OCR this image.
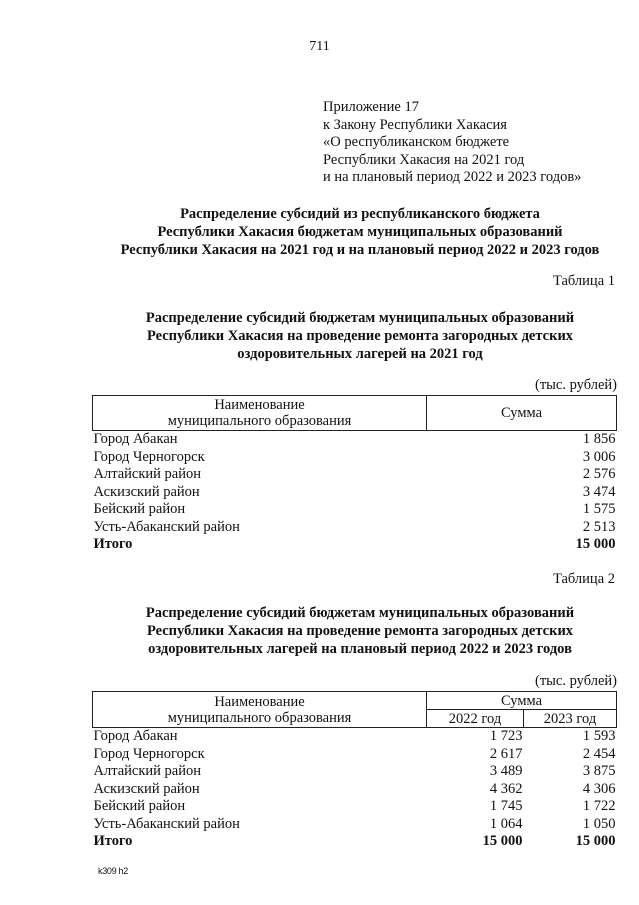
711
Приложение 17
к Закону Республики Хакасия
«О республиканском бюджете
Республики Хакасия на 2021 год
и на плановый период 2022 и 2023 годов»
Распределение субсидий из республиканского бюджета
Республики Хакасия бюджетам муниципальных образований
Республики Хакасия на 2021 год и на плановый период 2022 и 2023 годов
Таблица 1
Распределение субсидий бюджетам муниципальных образований
Республики Хакасия на проведение ремонта загородных детских
оздоровительных лагерей на 2021 год
(тыс. рублей)
Наименование
муниципального образования	Сумма
Город Абакан	1 856
Город Черногорск	3 006
Алтайский район	2 576
Аскизский район	3 474
Бейский район	1 575
Усть-Абаканский район	2 513
Итого	15 000
Таблица 2
Распределение субсидий бюджетам муниципальных образований
Республики Хакасия на проведение ремонта загородных детских
оздоровительных лагерей на плановый период 2022 и 2023 годов
(тыс. рублей)
Наименование
муниципального образования	Сумма	
	2022 год	2023 год
Город Абакан	1 723	1 593
Город Черногорск	2 617	2 454
Алтайский район	3 489	3 875
Аскизский район	4 362	4 306
Бейский район	1 745	1 722
Усть-Абаканский район	1 064	1 050
Итого	15 000	15 000
k309 h2
